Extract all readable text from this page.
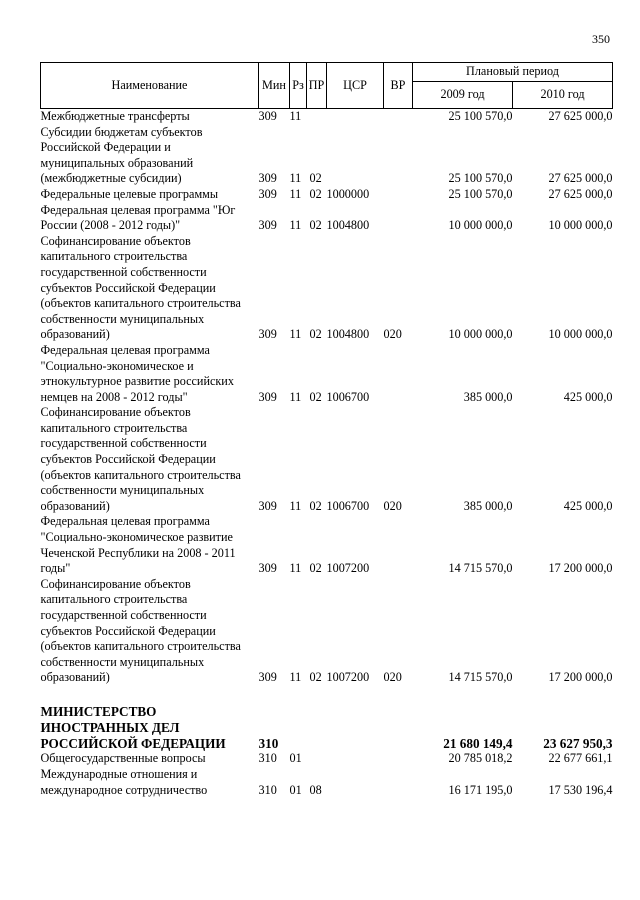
350
Наименование	Мин	Рз	ПР	ЦСР	ВР	Плановый период	
						2009 год	2010 год
Межбюджетные трансферты	309	11				25 100 570,0	27 625 000,0
Субсидии бюджетам субъектов Российской Федерации и муниципальных образований (межбюджетные субсидии)	309	11	02			25 100 570,0	27 625 000,0
Федеральные целевые программы	309	11	02	1000000		25 100 570,0	27 625 000,0
Федеральная целевая программа "Юг России (2008 - 2012 годы)"	309	11	02	1004800		10 000 000,0	10 000 000,0
Софинансирование объектов капитального строительства государственной собственности субъектов Российской Федерации (объектов капитального строительства собственности муниципальных образований)	309	11	02	1004800	020	10 000 000,0	10 000 000,0
Федеральная целевая программа "Социально-экономическое и этнокультурное развитие российских немцев на 2008 - 2012 годы"	309	11	02	1006700		385 000,0	425 000,0
Софинансирование объектов капитального строительства государственной собственности субъектов Российской Федерации (объектов капитального строительства собственности муниципальных образований)	309	11	02	1006700	020	385 000,0	425 000,0
Федеральная целевая программа "Социально-экономическое развитие Чеченской Республики на 2008 - 2011 годы"	309	11	02	1007200		14 715 570,0	17 200 000,0
Софинансирование объектов капитального строительства государственной собственности субъектов Российской Федерации (объектов капитального строительства собственности муниципальных образований)	309	11	02	1007200	020	14 715 570,0	17 200 000,0

МИНИСТЕРСТВО ИНОСТРАННЫХ ДЕЛ РОССИЙСКОЙ ФЕДЕРАЦИИ	310					21 680 149,4	23 627 950,3
Общегосударственные вопросы	310	01				20 785 018,2	22 677 661,1
Международные отношения и международное сотрудничество	310	01	08			16 171 195,0	17 530 196,4
